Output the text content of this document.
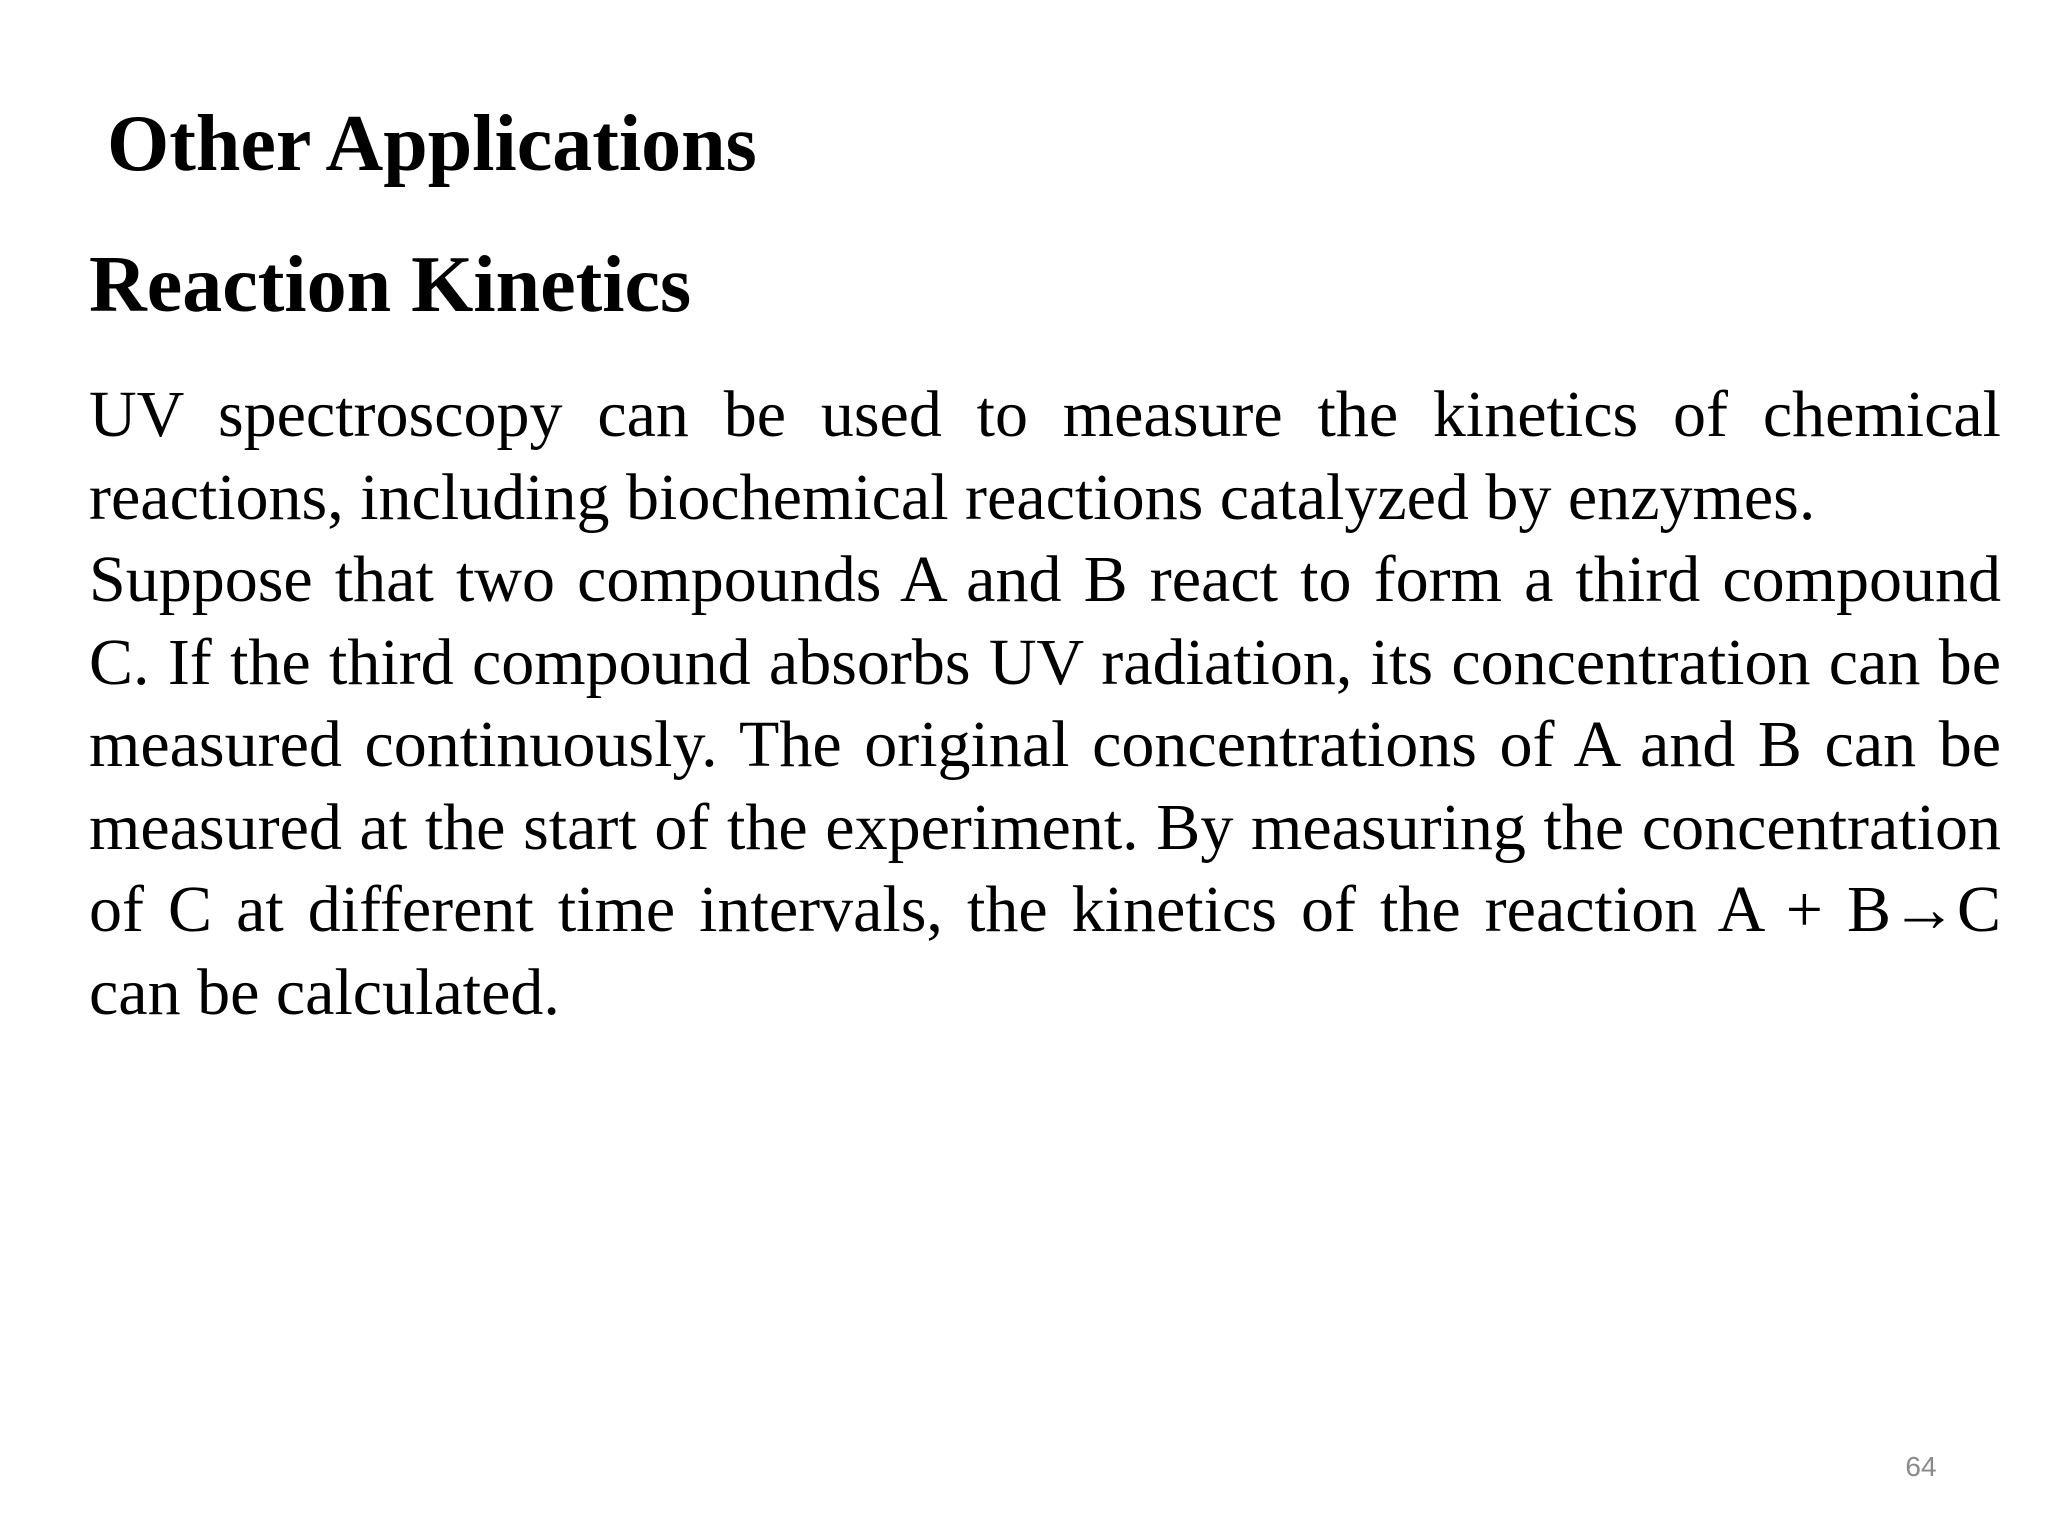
Other Applications
Reaction Kinetics

UV spectroscopy can be used to measure the kinetics of chemical reactions, including biochemical reactions catalyzed by enzymes.

Suppose that two compounds A and B react to form a third compound C. If the third compound absorbs UV radiation, its concentration can be measured continuously. The original concentrations of A and B can be measured at the start of the experiment. By measuring the concentration of C at different time intervals, the kinetics of the reaction A + B→C can be calculated.

64
